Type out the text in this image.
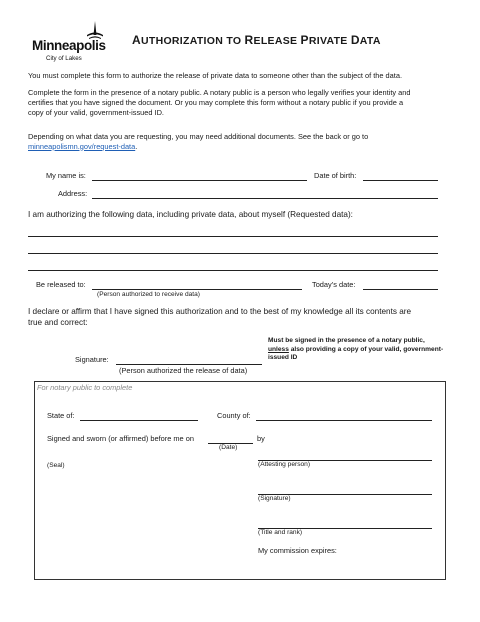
Minneapolis
City of Lakes
AUTHORIZATION TO RELEASE PRIVATE DATA
You must complete this form to authorize the release of private data to someone other than the subject of the data.
Complete the form in the presence of a notary public. A notary public is a person who legally verifies your identity and
certifies that you have signed the document. Or you may complete this form without a notary public if you provide a
copy of your valid, government-issued ID.
Depending on what data you are requesting, you may need additional documents. See the back or go to
minneapolismn.gov/request-data.
My name is:	Date of birth:
Address:
I am authorizing the following data, including private data, about myself (Requested data):
Be released to:
(Person authorized to receive data)
Today’s date:
I declare or affirm that I have signed this authorization and to the best of my knowledge all its contents are
true and correct:
Must be signed in the presence of a notary public,
unless also providing a copy of your valid, government-
issued ID
Signature:
(Person authorized the release of data)
For notary public to complete
State of:	County of:
Signed and sworn (or affirmed) before me on	by
(Date)
(Seal)	(Attesting person)
(Signature)
(Title and rank)
My commission expires:
